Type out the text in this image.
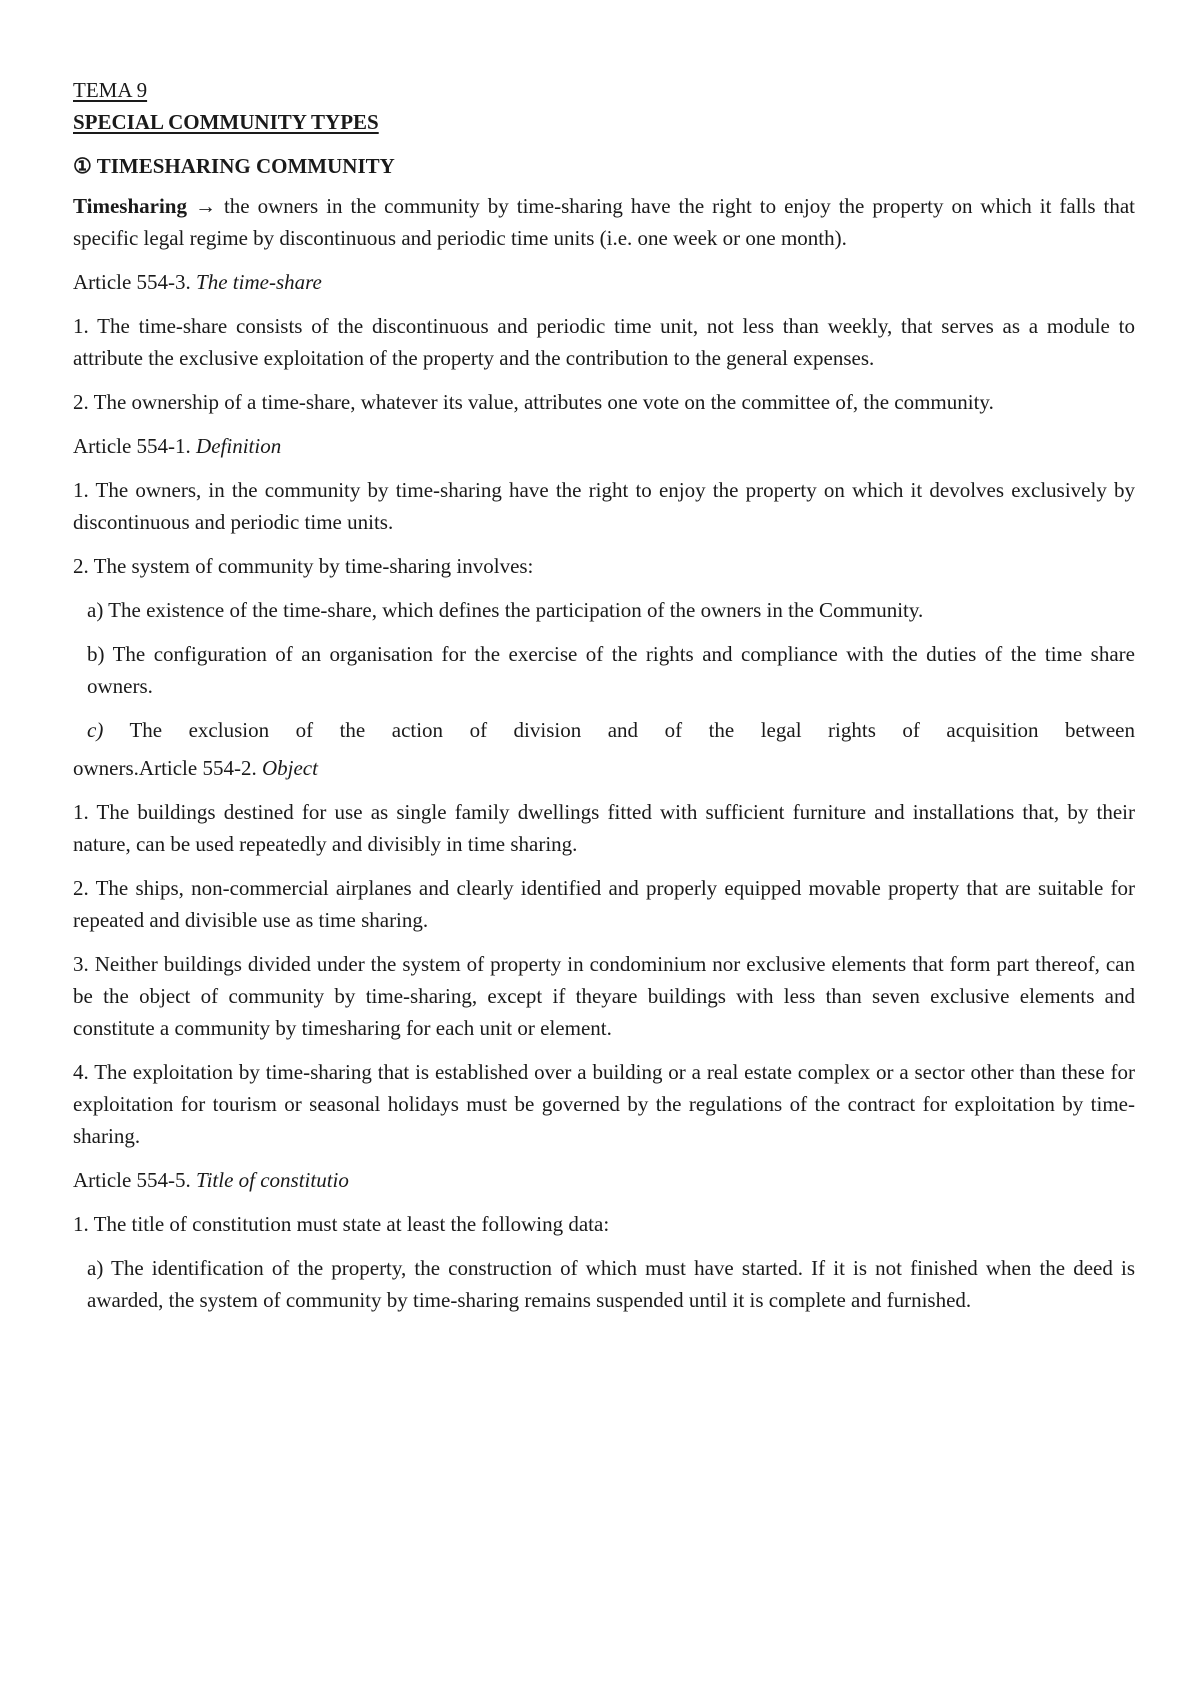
TEMA 9

SPECIAL COMMUNITY TYPES

① TIMESHARING COMMUNITY

Timesharing → the owners in the community by time-sharing have the right to enjoy the property on which it falls that specific legal regime by discontinuous and periodic time units (i.e. one week or one month).

Article 554-3. The time-share

1. The time-share consists of the discontinuous and periodic time unit, not less than weekly, that serves as a module to attribute the exclusive exploitation of the property and the contribution to the general expenses.

2. The ownership of a time-share, whatever its value, attributes one vote on the committee of, the community.

Article 554-1. Definition

1. The owners, in the community by time-sharing have the right to enjoy the property on which it devolves exclusively by discontinuous and periodic time units.

2. The system of community by time-sharing involves:

a) The existence of the time-share, which defines the participation of the owners in the Community.

b) The configuration of an organisation for the exercise of the rights and compliance with the duties of the time share owners.

c) The exclusion of the action of division and of the legal rights of acquisition between

owners.Article 554-2. Object

1. The buildings destined for use as single family dwellings fitted with sufficient furniture and installations that, by their nature, can be used repeatedly and divisibly in time sharing.

2. The ships, non-commercial airplanes and clearly identified and properly equipped movable property that are suitable for repeated and divisible use as time sharing.

3. Neither buildings divided under the system of property in condominium nor exclusive elements that form part thereof, can be the object of community by time-sharing, except if theyare buildings with less than seven exclusive elements and constitute a community by timesharing for each unit or element.

4. The exploitation by time-sharing that is established over a building or a real estate complex or a sector other than these for exploitation for tourism or seasonal holidays must be governed by the regulations of the contract for exploitation by time-sharing.

Article 554-5. Title of constitutio

1. The title of constitution must state at least the following data:

a) The identification of the property, the construction of which must have started. If it is not finished when the deed is awarded, the system of community by time-sharing remains suspended until it is complete and furnished.
